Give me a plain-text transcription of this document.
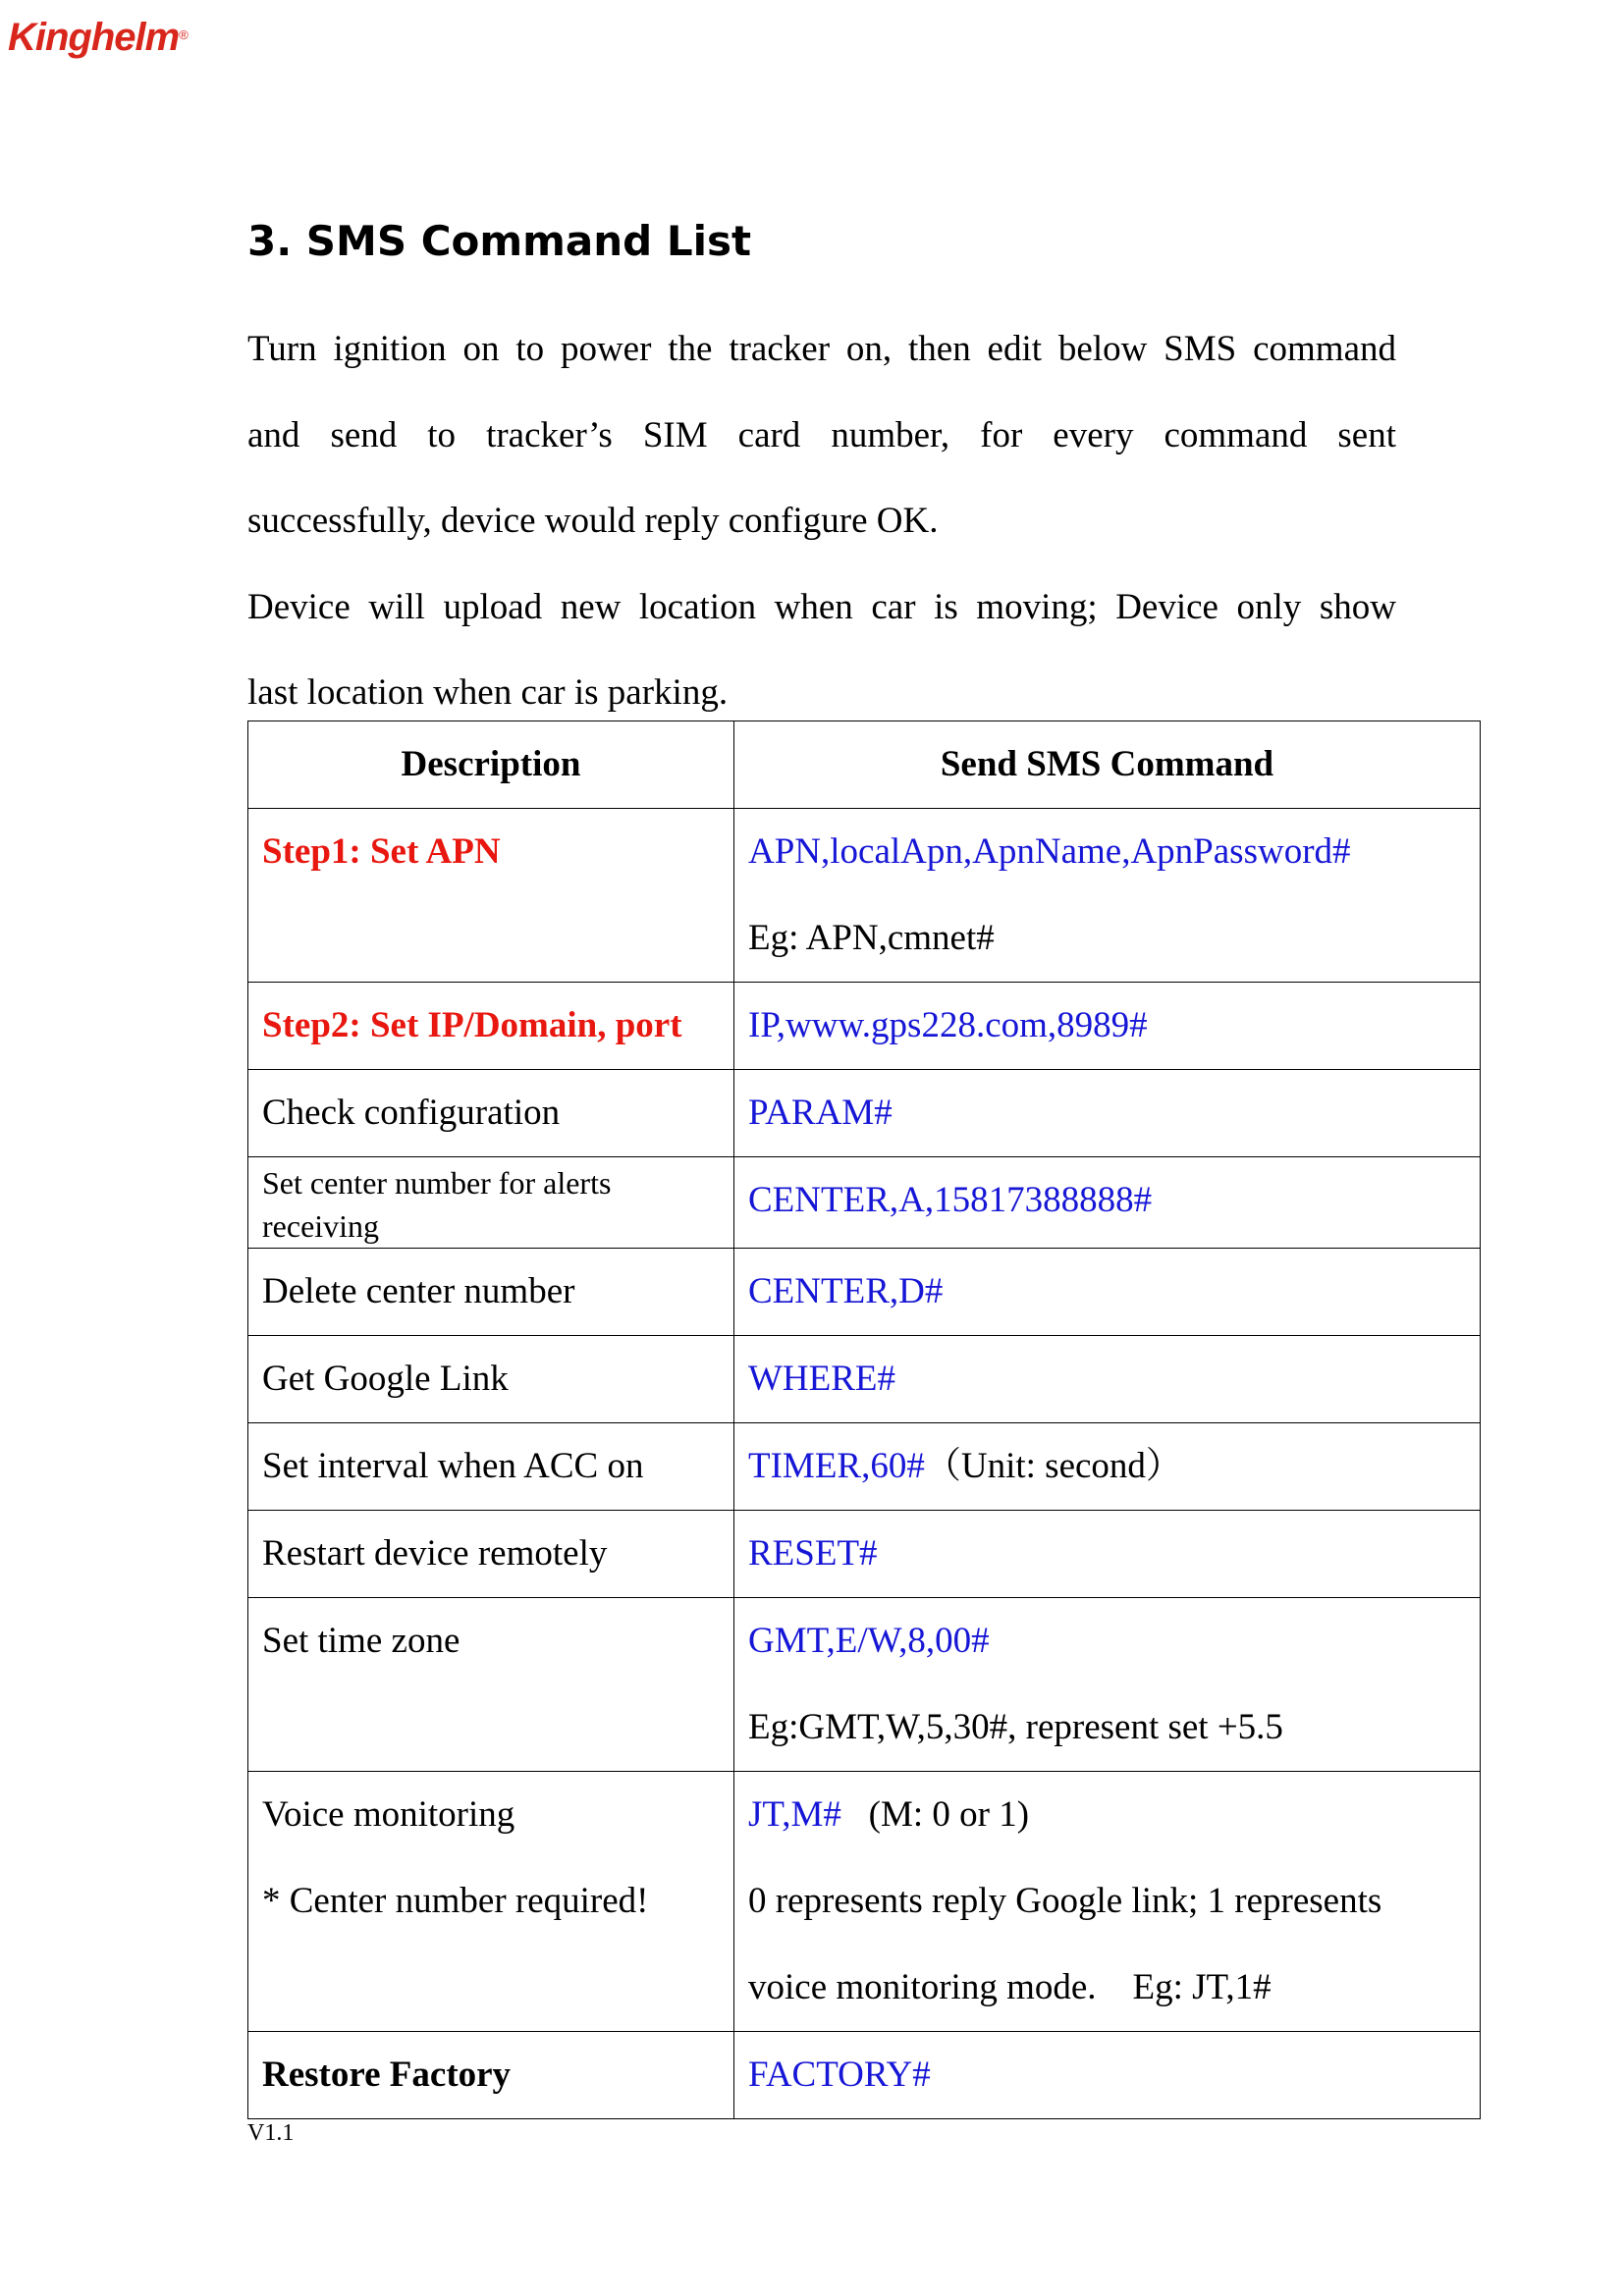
Kinghelm®
3. SMS Command List

Turn ignition on to power the tracker on, then edit below SMS command

and send to tracker’s SIM card number, for every command sent

successfully, device would reply configure OK.

Device will upload new location when car is moving; Device only show

last location when car is parking.

Description	Send SMS Command
Step1: Set APN	APN,localApn,ApnName,ApnPassword#
Eg: APN,cmnet#

Step2: Set IP/Domain, port	IP,www.gps228.com,8989#
Check configuration	PARAM#

Set center number for alerts
receiving	CENTER,A,15817388888#
Delete center number	CENTER,D#
Get Google Link	WHERE#
Set interval when ACC on	TIMER,60#（Unit: second）
Restart device remotely	RESET#
Set time zone	GMT,E/W,8,00#
Eg:GMT,W,5,30#, represent set +5.5

Voice monitoring
* Center number required!	JT,M# (M: 0 or 1)
0 represents reply Google link; 1 represents
voice monitoring mode.    Eg: JT,1#

Restore Factory	FACTORY#
V1.1
